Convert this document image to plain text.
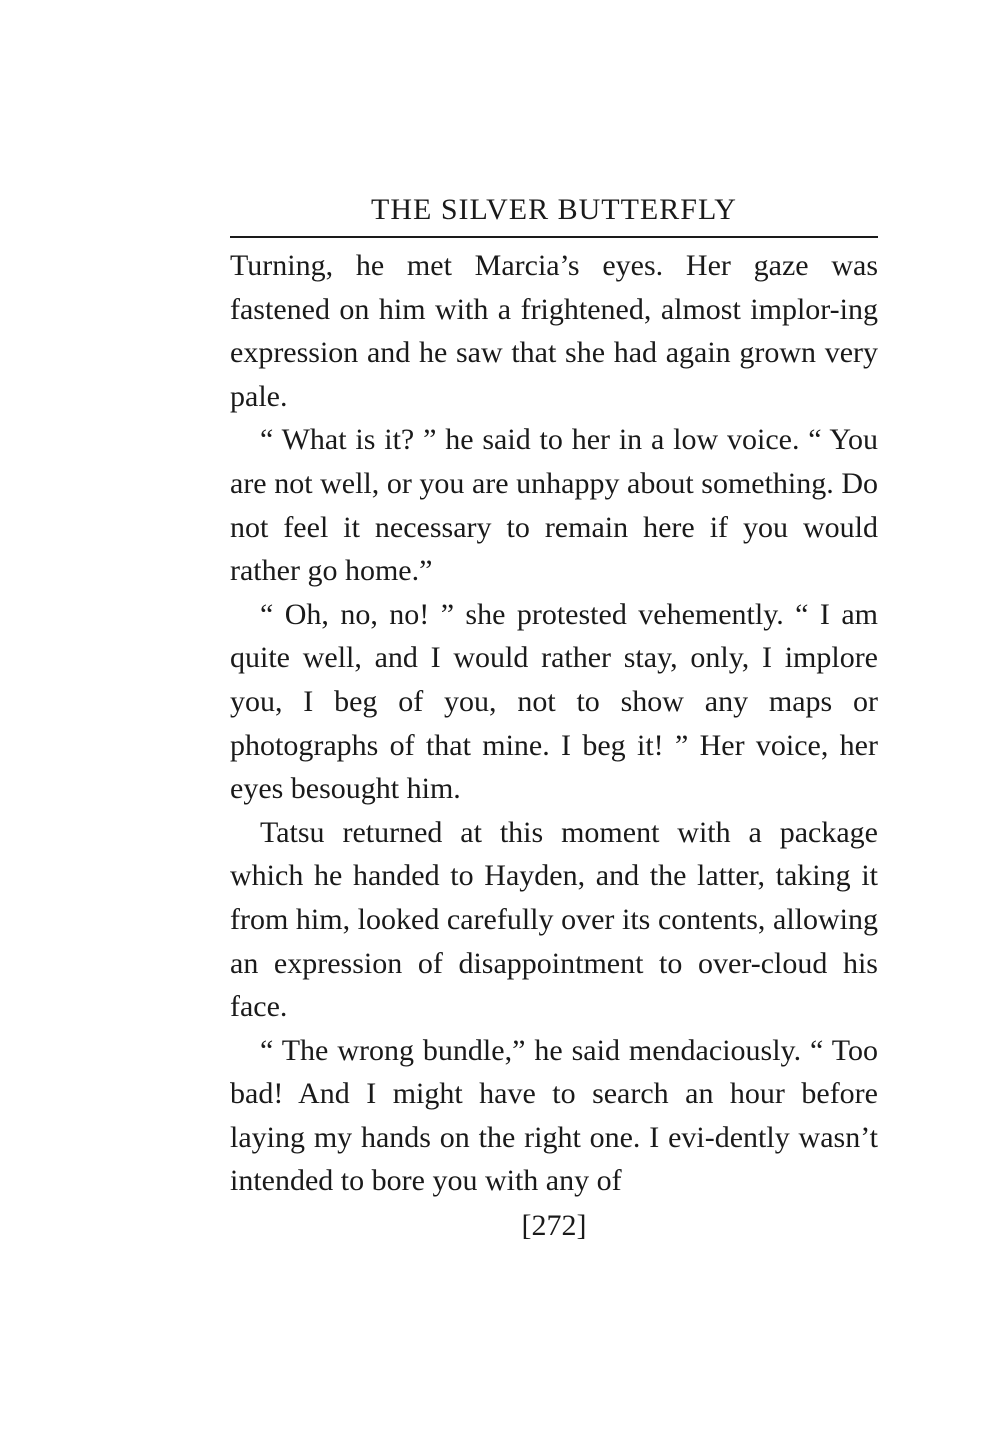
THE SILVER BUTTERFLY

Turning, he met Marcia’s eyes. Her gaze was fastened on him with a frightened, almost implor-ing expression and he saw that she had again grown very pale.

“ What is it? ” he said to her in a low voice. “ You are not well, or you are unhappy about something. Do not feel it necessary to remain here if you would rather go home.”

“ Oh, no, no! ” she protested vehemently. “ I am quite well, and I would rather stay, only, I implore you, I beg of you, not to show any maps or photographs of that mine. I beg it! ” Her voice, her eyes besought him.

Tatsu returned at this moment with a package which he handed to Hayden, and the latter, taking it from him, looked carefully over its contents, allowing an expression of disappointment to over-cloud his face.

“ The wrong bundle,” he said mendaciously. “ Too bad! And I might have to search an hour before laying my hands on the right one. I evi-dently wasn’t intended to bore you with any of

[272]
